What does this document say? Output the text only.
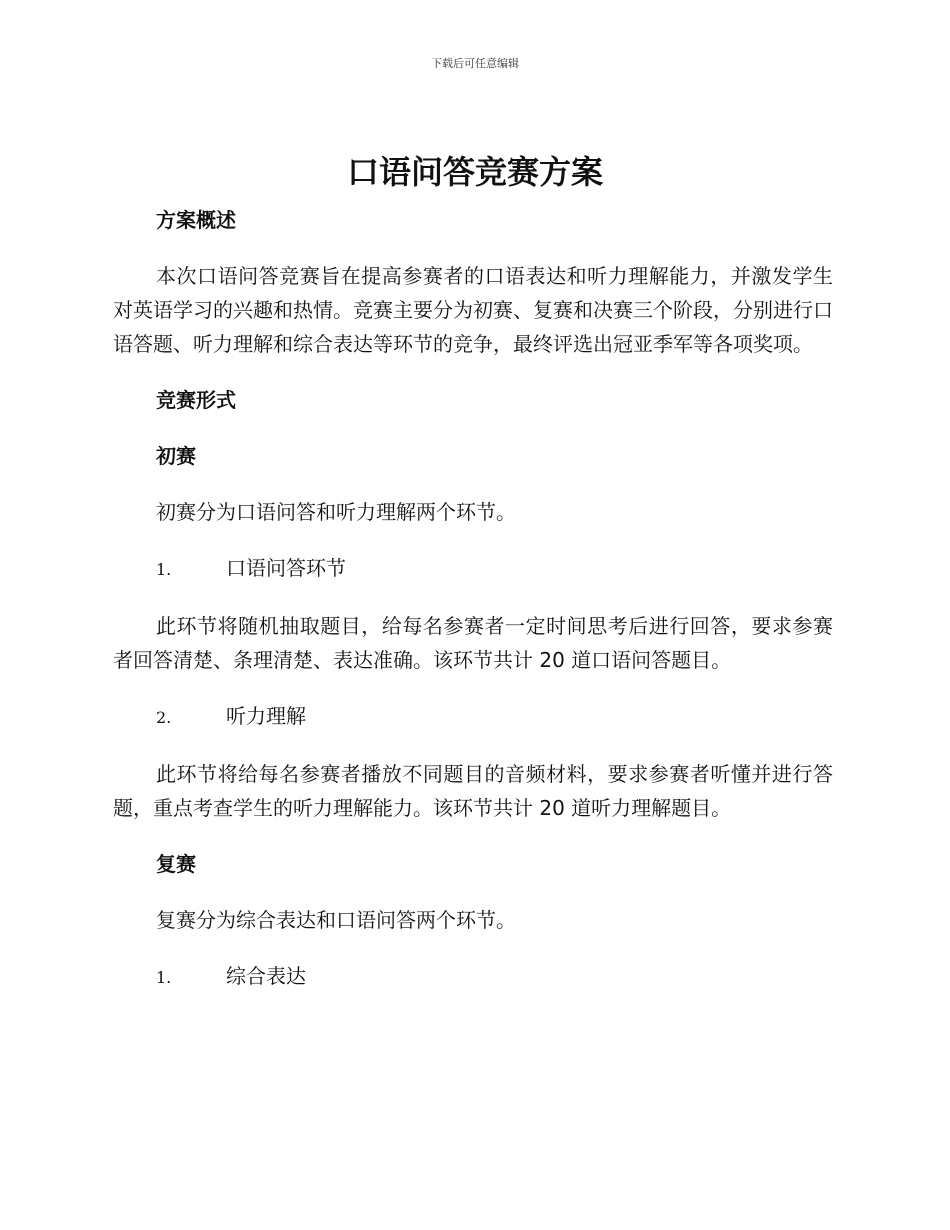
下载后可任意编辑
口语问答竞赛方案
方案概述

本次口语问答竞赛旨在提高参赛者的口语表达和听力理解能力，并激发学生对英语学习的兴趣和热情。竞赛主要分为初赛、复赛和决赛三个阶段，分别进行口语答题、听力理解和综合表达等环节的竞争，最终评选出冠亚季军等各项奖项。

竞赛形式
初赛

初赛分为口语问答和听力理解两个环节。

1.	口语问答环节

此环节将随机抽取题目，给每名参赛者一定时间思考后进行回答，要求参赛者回答清楚、条理清楚、表达准确。该环节共计 20 道口语问答题目。

2.	听力理解

此环节将给每名参赛者播放不同题目的音频材料，要求参赛者听懂并进行答题，重点考查学生的听力理解能力。该环节共计 20 道听力理解题目。

复赛

复赛分为综合表达和口语问答两个环节。

1.	综合表达
